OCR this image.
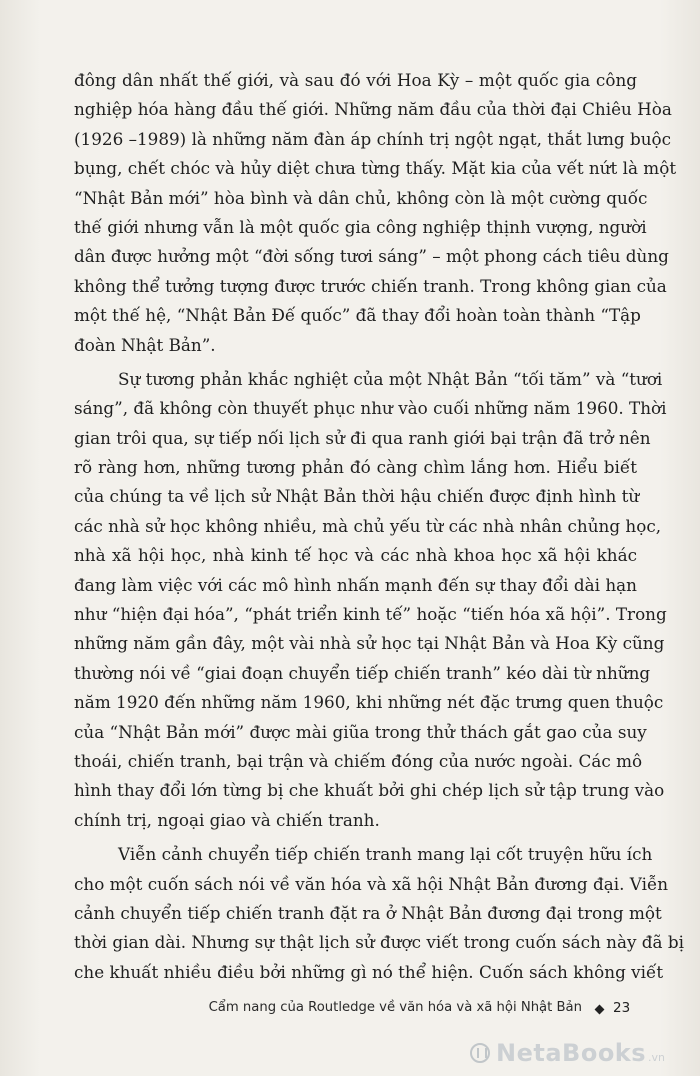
đông dân nhất thế giới, và sau đó với Hoa Kỳ – một quốc gia công
nghiệp hóa hàng đầu thế giới. Những năm đầu của thời đại Chiêu Hòa
(1926 –1989) là những năm đàn áp chính trị ngột ngạt, thắt lưng buộc
bụng, chết chóc và hủy diệt chưa từng thấy. Mặt kia của vết nứt là một
“Nhật Bản mới” hòa bình và dân chủ, không còn là một cường quốc
thế giới nhưng vẫn là một quốc gia công nghiệp thịnh vượng, người
dân được hưởng một “đời sống tươi sáng” – một phong cách tiêu dùng
không thể tưởng tượng được trước chiến tranh. Trong không gian của
một thế hệ, “Nhật Bản Đế quốc” đã thay đổi hoàn toàn thành “Tập
đoàn Nhật Bản”.
Sự tương phản khắc nghiệt của một Nhật Bản “tối tăm” và “tươi
sáng”, đã không còn thuyết phục như vào cuối những năm 1960. Thời
gian trôi qua, sự tiếp nối lịch sử đi qua ranh giới bại trận đã trở nên
rõ ràng hơn, những tương phản đó càng chìm lắng hơn. Hiểu biết
của chúng ta về lịch sử Nhật Bản thời hậu chiến được định hình từ
các nhà sử học không nhiều, mà chủ yếu từ các nhà nhân chủng học,
nhà xã hội học, nhà kinh tế học và các nhà khoa học xã hội khác
đang làm việc với các mô hình nhấn mạnh đến sự thay đổi dài hạn
như “hiện đại hóa”, “phát triển kinh tế” hoặc “tiến hóa xã hội”. Trong
những năm gần đây, một vài nhà sử học tại Nhật Bản và Hoa Kỳ cũng
thường nói về “giai đoạn chuyển tiếp chiến tranh” kéo dài từ những
năm 1920 đến những năm 1960, khi những nét đặc trưng quen thuộc
của “Nhật Bản mới” được mài giũa trong thử thách gắt gao của suy
thoái, chiến tranh, bại trận và chiếm đóng của nước ngoài. Các mô
hình thay đổi lớn từng bị che khuất bởi ghi chép lịch sử tập trung vào
chính trị, ngoại giao và chiến tranh.
Viễn cảnh chuyển tiếp chiến tranh mang lại cốt truyện hữu ích
cho một cuốn sách nói về văn hóa và xã hội Nhật Bản đương đại. Viễn
cảnh chuyển tiếp chiến tranh đặt ra ở Nhật Bản đương đại trong một
thời gian dài. Nhưng sự thật lịch sử được viết trong cuốn sách này đã bị
che khuất nhiều điều bởi những gì nó thể hiện. Cuốn sách không viết
Cẩm nang của Routledge về văn hóa và xã hội Nhật Bản 23
NetaBooks .vn
